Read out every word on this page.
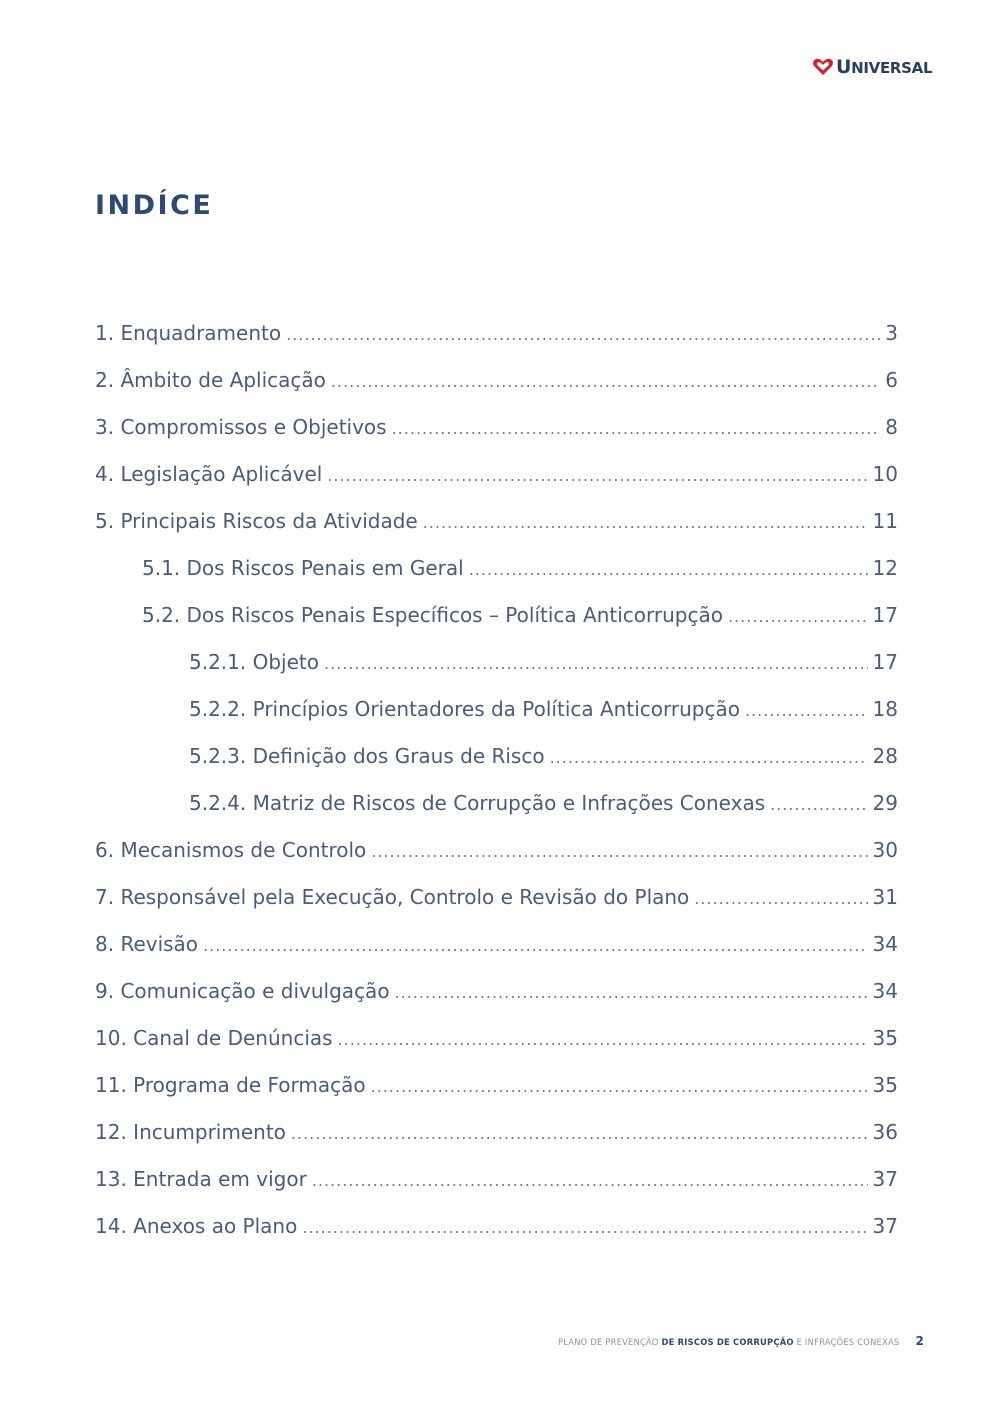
UNIVERSAL
INDÍCE
1. Enquadramento .....	3
2. Âmbito de Aplicação .....	6
3. Compromissos e Objetivos .....	8
4. Legislação Aplicável .....	10
5. Principais Riscos da Atividade .....	11
5.1. Dos Riscos Penais em Geral .....	12
5.2. Dos Riscos Penais Específicos – Política Anticorrupção .....	17
5.2.1. Objeto .....	17
5.2.2. Princípios Orientadores da Política Anticorrupção .....	18
5.2.3. Definição dos Graus de Risco .....	28
5.2.4. Matriz de Riscos de Corrupção e Infrações Conexas .....	29
6. Mecanismos de Controlo .....	30
7. Responsável pela Execução, Controlo e Revisão do Plano .....	31
8. Revisão .....	34
9. Comunicação e divulgação .....	34
10. Canal de Denúncias .....	35
11. Programa de Formação .....	35
12. Incumprimento .....	36
13. Entrada em vigor .....	37
14. Anexos ao Plano .....	37
PLANO DE PREVENÇÃO DE RISCOS DE CORRUPÇÃO E INFRAÇÕES CONEXAS 2
